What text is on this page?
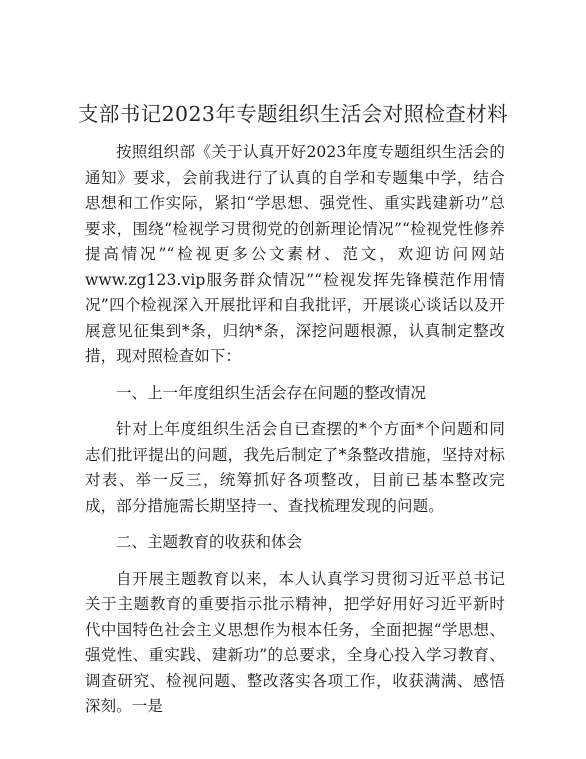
支部书记2023年专题组织生活会对照检查材料

按照组织部《关于认真开好2023年度专题组织生活会的通知》要求，会前我进行了认真的自学和专题集中学，结合思想和工作实际，紧扣“学思想、强党性、重实践建新功”总要求，围绕“检视学习贯彻党的创新理论情况”“检视党性修养提高情况”“检视更多公文素材、范文，欢迎访问网站www.zg123.vip服务群众情况”“检视发挥先锋模范作用情况”四个检视深入开展批评和自我批评，开展谈心谈话以及开展意见征集到*条，归纳*条，深挖问题根源，认真制定整改措，现对照检查如下：

一、上一年度组织生活会存在问题的整改情况

针对上年度组织生活会自已查摆的*个方面*个问题和同志们批评提出的问题，我先后制定了*条整改措施，坚持对标对表、举一反三，统筹抓好各项整改，目前已基本整改完成，部分措施需长期坚持一、查找梳理发现的问题。

二、主题教育的收获和体会

自开展主题教育以来，本人认真学习贯彻习近平总书记关于主题教育的重要指示批示精神，把学好用好习近平新时代中国特色社会主义思想作为根本任务，全面把握“学思想、强党性、重实践、建新功”的总要求，全身心投入学习教育、调查研究、检视问题、整改落实各项工作，收获满满、感悟深刻。一是
